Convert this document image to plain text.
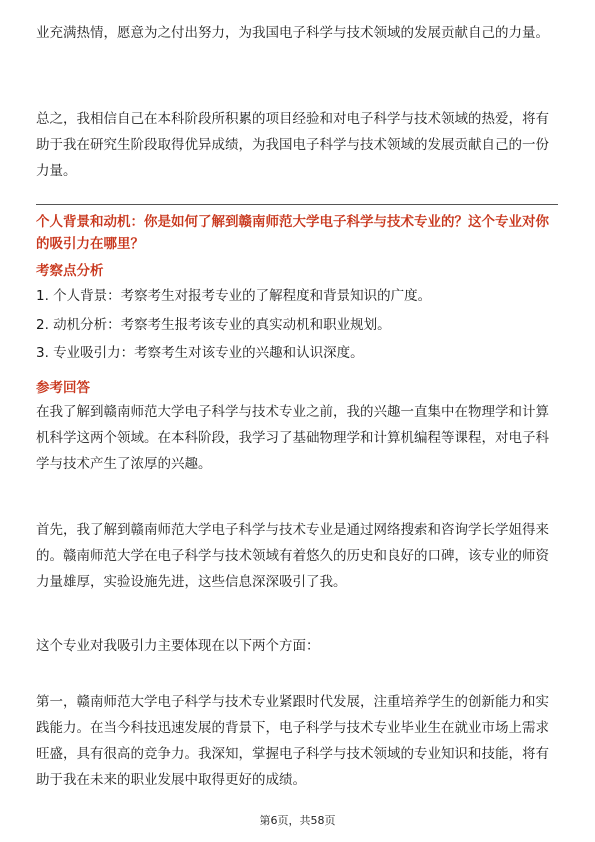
业充满热情，愿意为之付出努力，为我国电子科学与技术领域的发展贡献自己的力量。

总之，我相信自己在本科阶段所积累的项目经验和对电子科学与技术领域的热爱，将有助于我在研究生阶段取得优异成绩，为我国电子科学与技术领域的发展贡献自己的一份力量。

个人背景和动机：你是如何了解到赣南师范大学电子科学与技术专业的？这个专业对你的吸引力在哪里？

考察点分析

1. 个人背景：考察考生对报考专业的了解程度和背景知识的广度。

2. 动机分析：考察考生报考该专业的真实动机和职业规划。

3. 专业吸引力：考察考生对该专业的兴趣和认识深度。

参考回答

在我了解到赣南师范大学电子科学与技术专业之前，我的兴趣一直集中在物理学和计算机科学这两个领域。在本科阶段，我学习了基础物理学和计算机编程等课程，对电子科学与技术产生了浓厚的兴趣。

首先，我了解到赣南师范大学电子科学与技术专业是通过网络搜索和咨询学长学姐得来的。赣南师范大学在电子科学与技术领域有着悠久的历史和良好的口碑，该专业的师资力量雄厚，实验设施先进，这些信息深深吸引了我。

这个专业对我吸引力主要体现在以下两个方面：

第一，赣南师范大学电子科学与技术专业紧跟时代发展，注重培养学生的创新能力和实践能力。在当今科技迅速发展的背景下，电子科学与技术专业毕业生在就业市场上需求旺盛，具有很高的竞争力。我深知，掌握电子科学与技术领域的专业知识和技能，将有助于我在未来的职业发展中取得更好的成绩。

第6页，共58页
